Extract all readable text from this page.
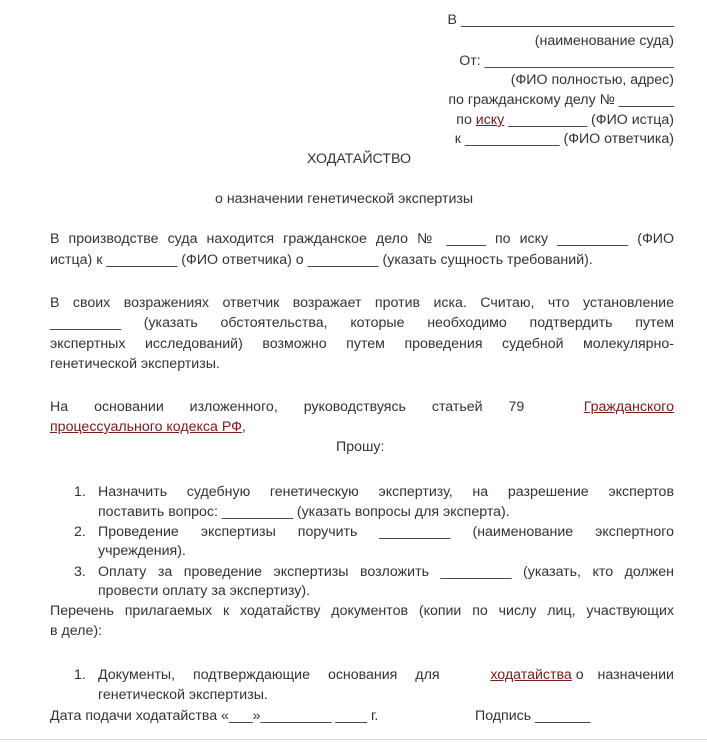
В ___________________________
(наименование суда)
От: ________________________
(ФИО полностью, адрес)
по гражданскому делу № _______
по иску __________ (ФИО истца)
к ____________ (ФИО ответчика)
ХОДАТАЙСТВО
о назначении генетической экспертизы
В производстве суда находится гражданское дело № _____ по иску _________ (ФИО
истца) к _________ (ФИО ответчика) о _________ (указать сущность требований).
В своих возражениях ответчик возражает против иска. Считаю, что установление
_________ (указать обстоятельства, которые необходимо подтвердить путем
экспертных исследований) возможно путем проведения судебной молекулярно-
генетической экспертизы.
На основании изложенного, руководствуясь статьей 79	Гражданского
процессуального кодекса РФ,
Прошу:
1. Назначить судебную генетическую экспертизу, на разрешение экспертов
поставить вопрос: _________ (указать вопросы для эксперта).
2. Проведение экспертизы поручить _________ (наименование экспертного
учреждения).
3. Оплату за проведение экспертизы возложить _________ (указать, кто должен
провести оплату за экспертизу).
Перечень прилагаемых к ходатайству документов (копии по числу лиц, участвующих
в деле):
1. Документы, подтверждающие основания для	ходатайства о назначении
генетической экспертизы.
Дата подачи ходатайства «___»_________ ____ г.	Подпись _______
